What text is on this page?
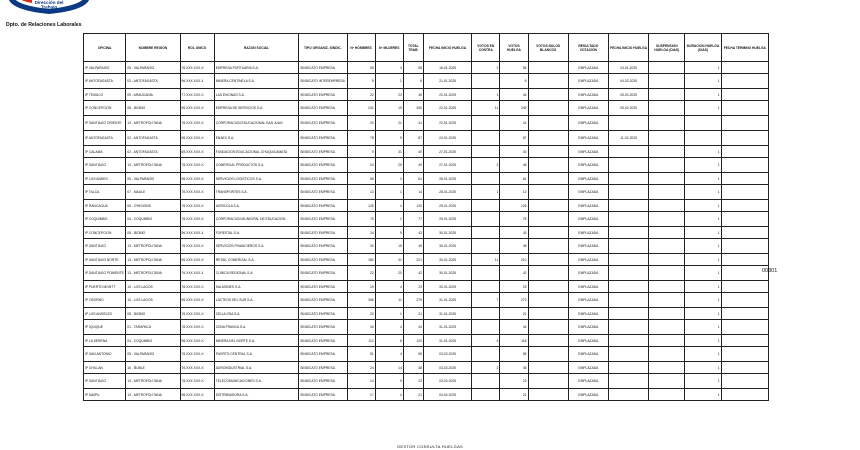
Dirección del
Trabajo
Dpto. de Relaciones Laborales
OFICINA	NOMBRE REGIÓN	ROL UNICO	RAZON SOCIAL	TIPO ORGANIZ. SINDIC.	Nº HOMBRES	Nº MUJERES	TOTAL TRAB.	FECHA INICIO HUELGA	VOTOS EN CONTRA	VOTOS HUELGA	VOTOS NULOS BLANCOS	RESULTADO VOTACIÓN	FECHA INICIO HUELGA	SUSPENSION HUELGA (DIAS)	DURACION HUELGA (DIAS)	FECHA TERMINO HUELGA
IP VALPARAISO	05 - VALPARAISO	76.XXX.XXX-X	EMPRESA PORTUARIA S.A.	SINDICATO EMPRESA	55	3	58	16-01-2025	2	56		EMPLAZADA	24-01-2025		1	
IP ANTOFAGASTA	02 - ANTOFAGASTA	96.XXX.XXX-X	MINERA CENTINELA S.A.	SINDICATO INTEREMPRESA	5	1	6	21-01-2025		6		EMPLAZADA	04-02-2025		1	
IP TEMUCO	09 - ARAUCANIA	77.XXX.XXX-X	LAS ENCINAS S.A.	SINDICATO EMPRESA	22	23	45	22-01-2025	1	44		EMPLAZADA	05-02-2025		1	
IP CONCEPCION	08 - BIOBIO	96.XXX.XXX-X	EMPRESA DE SERVICIOS S.A.	SINDICATO EMPRESA	241	19	260	22-01-2025	11	249		EMPLAZADA	05-02-2025		1	
IP SANTIAGO ORIENTE	13 - METROPOLITANA	76.XXX.XXX-X	CORPORACION EDUCACIONAL SAN JUAN	SINDICATO EMPRESA	20	21	41	22-01-2025		41		EMPLAZADA				
IP ANTOFAGASTA	02 - ANTOFAGASTA	96.XXX.XXX-X	ENAEX S.A.	SINDICATO EMPRESA	78	9	87	24-01-2025		87		EMPLAZADA	11-02-2025			
IP CALAMA	02 - ANTOFAGASTA	65.XXX.XXX-X	FUNDACION EDUCACIONAL CHUQUICAMATA	SINDICATO EMPRESA	9	31	40	27-01-2025		40		EMPLAZADA			1	
IP SANTIAGO	13 - METROPOLITANA	76.XXX.XXX-X	COMERCIAL PRODUCTOS S.A.	SINDICATO EMPRESA	24	25	49	27-01-2025	3	46		EMPLAZADA			1	
IP LOS ANDES	05 - VALPARAISO	96.XXX.XXX-X	SERVICIOS LOGISTICOS S.A.	SINDICATO EMPRESA	58	3	61	28-01-2025		61		EMPLAZADA			1	
IP TALCA	07 - MAULE	76.XXX.XXX-X	TRANSPORTES S.A.	SINDICATO EMPRESA	13	1	14	28-01-2025	1	13		EMPLAZADA			1	
IP RANCAGUA	06 - O'HIGGINS	76.XXX.XXX-X	AGRICOLA S.A.	SINDICATO EMPRESA	126	4	130	29-01-2025		126		EMPLAZADA			1	
IP COQUIMBO	04 - COQUIMBO	76.XXX.XXX-X	CORPORACION MUNICIPAL DE EDUCACION	SINDICATO EMPRESA	75	2	77	29-01-2025		75		EMPLAZADA			1	
IP CONCEPCION	08 - BIOBIO	96.XXX.XXX-X	FORESTAL S.A.	SINDICATO EMPRESA	34	9	43	30-01-2025		43		EMPLAZADA			1	
IP SANTIAGO	13 - METROPOLITANA	76.XXX.XXX-X	SERVICIOS FINANCIEROS S.A.	SINDICATO EMPRESA	30	15	45	30-01-2025		45		EMPLAZADA			1	
IP SANTIAGO NORTE	13 - METROPOLITANA	96.XXX.XXX-X	RETAIL COMERCIAL S.A.	SINDICATO EMPRESA	180	41	221	30-01-2025	11	210		EMPLAZADA			1	
IP SANTIAGO PONIENTE	13 - METROPOLITANA	76.XXX.XXX-X	CLINICA REGIONAL S.A.	SINDICATO EMPRESA	22	20	42	30-01-2025		42		EMPLAZADA			1	
IP PUERTO MONTT	10 - LOS LAGOS	76.XXX.XXX-X	SALMONES S.A.	SINDICATO EMPRESA	19	4	23	30-01-2025		23		EMPLAZADA			1	
IP OSORNO	10 - LOS LAGOS	96.XXX.XXX-X	LACTEOS DEL SUR S.A.	SINDICATO EMPRESA	268	11	279	31-01-2025	7	272		EMPLAZADA			1	
IP LOS ANGELES	08 - BIOBIO	76.XXX.XXX-X	CELULOSA S.A.	SINDICATO EMPRESA	20	1	21	31-01-2025		21		EMPLAZADA			1	
IP IQUIQUE	01 - TARAPACA	76.XXX.XXX-X	ZONA FRANCA S.A.	SINDICATO EMPRESA	40	4	44	31-01-2025		44		EMPLAZADA			1	
IP LA SERENA	04 - COQUIMBO	96.XXX.XXX-X	MINERA DEL NORTE S.A.	SINDICATO EMPRESA	112	8	120	31-01-2025	4	116		EMPLAZADA			1	
IP SAN ANTONIO	05 - VALPARAISO	76.XXX.XXX-X	PUERTO CENTRAL S.A.	SINDICATO EMPRESA	51	4	55	03-02-2025		55		EMPLAZADA			1	
IP CHILLAN	16 - ÑUBLE	76.XXX.XXX-X	AGROINDUSTRIAL S.A.	SINDICATO EMPRESA	24	14	38	03-02-2025	2	36		EMPLAZADA			1	
IP SANTIAGO	13 - METROPOLITANA	76.XXX.XXX-X	TELECOMUNICACIONES S.A.	SINDICATO EMPRESA	14	9	23	03-02-2025		23		EMPLAZADA			1	
IP MAIPU	13 - METROPOLITANA	96.XXX.XXX-X	DISTRIBUIDORA S.A.	SINDICATO EMPRESA	17	4	21	04-02-2025		21		EMPLAZADA			1	
00301
GESTOR CONSULTA HUELGAS
